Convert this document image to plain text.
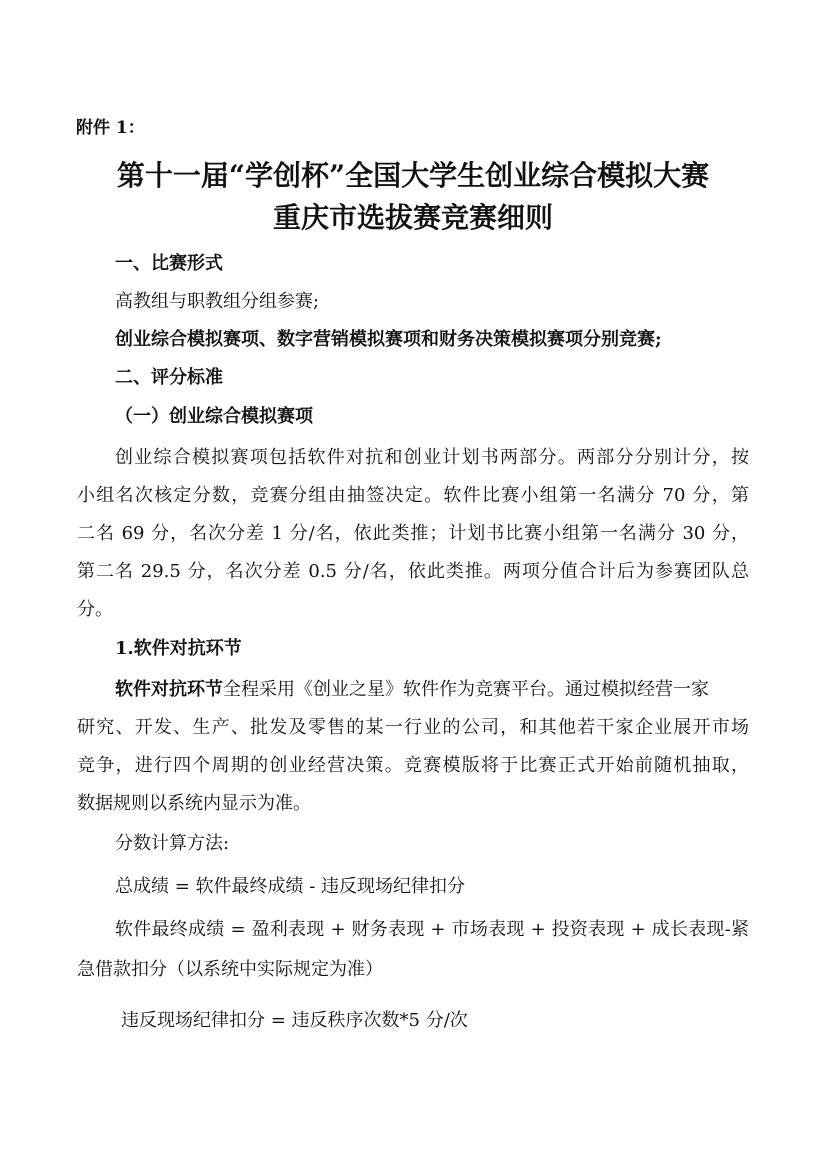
附件 1：
第十一届“学创杯”全国大学生创业综合模拟大赛
重庆市选拔赛竞赛细则
一、比赛形式
高教组与职教组分组参赛;
创业综合模拟赛项、数字营销模拟赛项和财务决策模拟赛项分别竞赛;
二、评分标准
（一）创业综合模拟赛项
创业综合模拟赛项包括软件对抗和创业计划书两部分。两部分分别计分，按
小组名次核定分数，竞赛分组由抽签决定。软件比赛小组第一名满分 70 分，第
二名 69 分，名次分差 1 分/名，依此类推；计划书比赛小组第一名满分 30 分，
第二名 29.5 分，名次分差 0.5 分/名，依此类推。两项分值合计后为参赛团队总
分。
1.软件对抗环节
软件对抗环节全程采用《创业之星》软件作为竞赛平台。通过模拟经营一家
研究、开发、生产、批发及零售的某一行业的公司，和其他若干家企业展开市场
竞争，进行四个周期的创业经营决策。竞赛模版将于比赛正式开始前随机抽取，
数据规则以系统内显示为准。
分数计算方法:
总成绩 = 软件最终成绩 - 违反现场纪律扣分
软件最终成绩 = 盈利表现 + 财务表现 + 市场表现 + 投资表现 + 成长表现-紧
急借款扣分（以系统中实际规定为准）
违反现场纪律扣分 = 违反秩序次数*5 分/次
